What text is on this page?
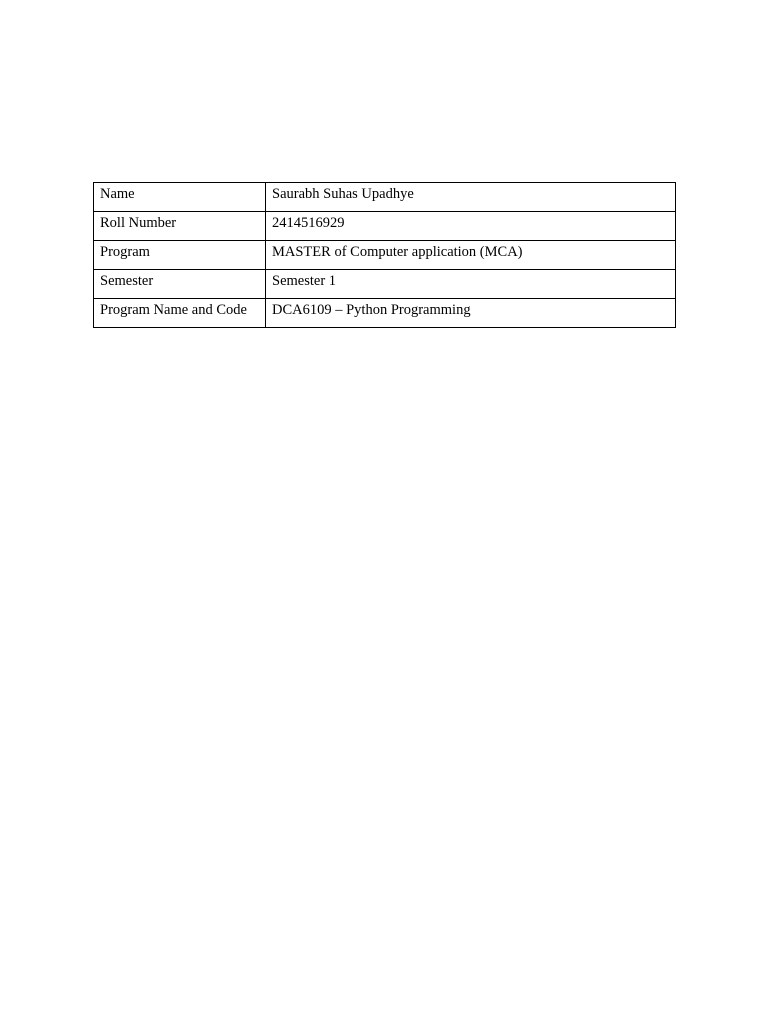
Name	Saurabh Suhas Upadhye
Roll Number	2414516929
Program	MASTER of Computer application (MCA)
Semester	Semester 1
Program Name and Code	DCA6109 – Python Programming
